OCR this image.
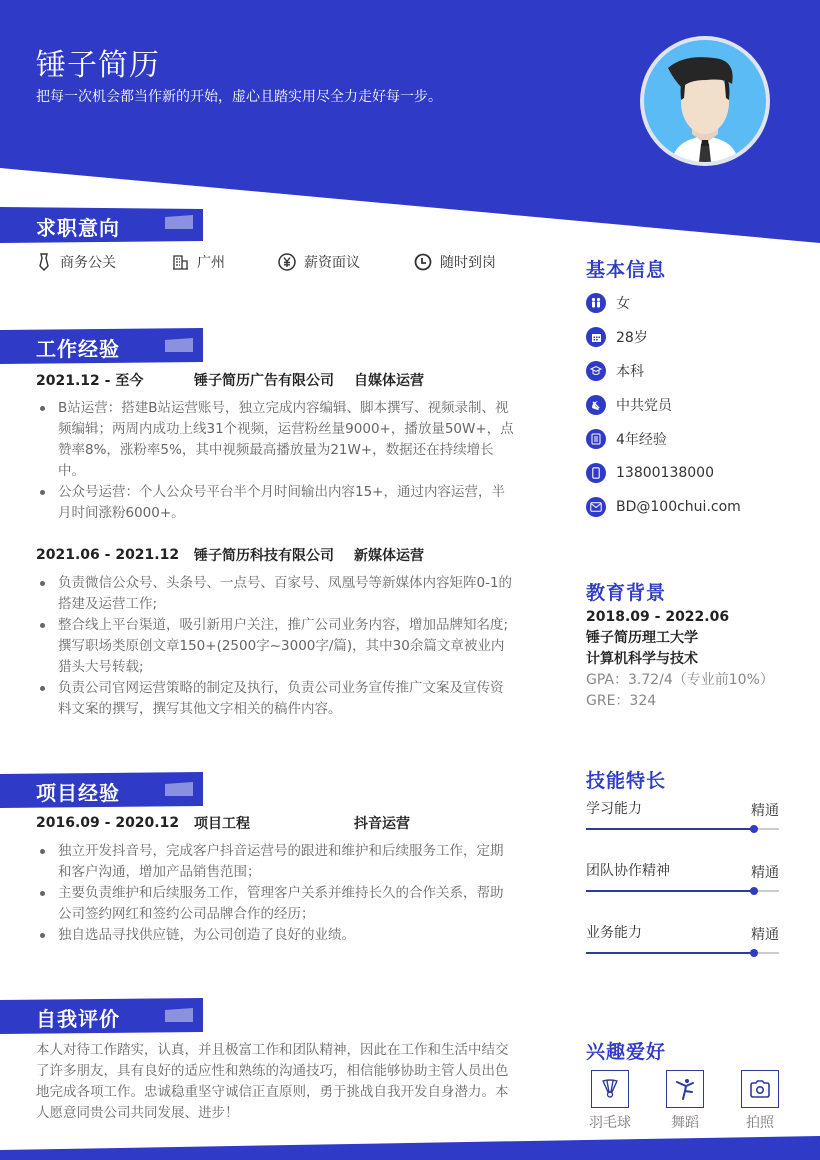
锤子简历
把每一次机会都当作新的开始，虚心且踏实用尽全力走好每一步。
求职意向
工作经验
项目经验
自我评价
商务公关	广州	薪资面议	随时到岗
2021.12 - 至今	锤子简历广告有限公司	自媒体运营
B站运营：搭建B站运营账号，独立完成内容编辑、脚本撰写、视频录制、视频编辑；两周内成功上线31个视频，运营粉丝量9000+，播放量50W+，点赞率8%，涨粉率5%，其中视频最高播放量为21W+，数据还在持续增长中。
公众号运营：个人公众号平台半个月时间输出内容15+，通过内容运营，半月时间涨粉6000+。
2021.06 - 2021.12	锤子简历科技有限公司	新媒体运营
负责微信公众号、头条号、一点号、百家号、凤凰号等新媒体内容矩阵0-1的搭建及运营工作;
整合线上平台渠道，吸引新用户关注，推广公司业务内容，增加品牌知名度;撰写职场类原创文章150+(2500字~3000字/篇)，其中30余篇文章被业内猎头大号转载;
负责公司官网运营策略的制定及执行，负责公司业务宣传推广文案及宣传资料文案的撰写，撰写其他文字相关的稿件内容。
2016.09 - 2020.12	项目工程	抖音运营
独立开发抖音号，完成客户抖音运营号的跟进和维护和后续服务工作，定期和客户沟通，增加产品销售范围；
主要负责维护和后续服务工作，管理客户关系并维持长久的合作关系，帮助公司签约网红和签约公司品牌合作的经历；
独自选品寻找供应链，为公司创造了良好的业绩。

本人对待工作踏实，认真，并且极富工作和团队精神，因此在工作和生活中结交了许多朋友，具有良好的适应性和熟练的沟通技巧，相信能够协助主管人员出色地完成各项工作。忠诚稳重坚守诚信正直原则，勇于挑战自我开发自身潜力。本人愿意同贵公司共同发展、进步！

基本信息
女
28岁
本科
中共党员
4年经验
13800138000
BD@100chui.com
教育背景
2018.09 - 2022.06
锤子简历理工大学
计算机科学与技术
GPA：3.72/4（专业前10%）
GRE：324
技能特长
学习能力	精通
团队协作精神	精通
业务能力	精通
兴趣爱好
羽毛球	舞蹈	拍照
